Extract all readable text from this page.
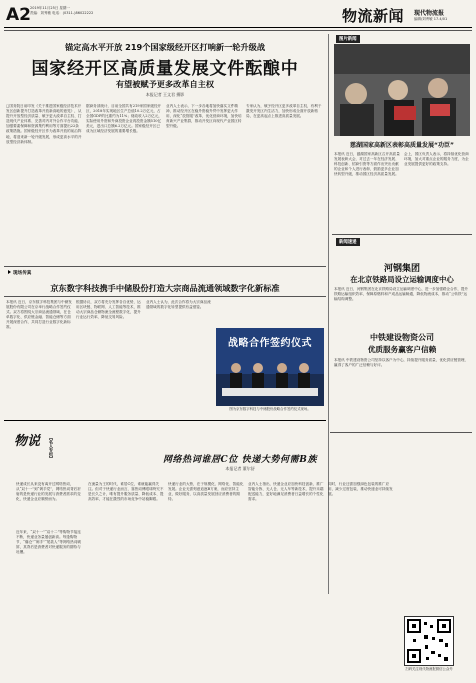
A2 2019年11月25日 星期一
责编：刘秀敏 电话：(0311-)86022222	物流新闻 现代物流报
编辑/刘秀敏 17.4/01
锚定高水平开放 219个国家级经开区打响新一轮升级战
国家经开区高质量发展文件酝酿中
有望被赋予更多改革自主权
本报记者 王文君 摄影

□国务院日前印发《关于推进国家级经济技术开发区创新提升打造改革开放新高地的意见》，从提升开放型经济质量、赋予更大改革自主权、打造现代产业体系、完善对内对外合作平台功能、加强要素保障和资源集约利用等方面提出22条政策措施。国家级经开区作为改革开放的前沿阵地，将迎来新一轮升级发展，形成更高水平的开放型经济新体制。

据商务部统计，目前全国共有219家国家级经开区，2018年实现地区生产总值10.2万亿元，占全国GDP的比重约为11%；财政收入2万亿元，实际使用外资和外商投资企业再投资金额510亿美元，进出口总额6.2万亿元。国家级经开区已成为区域经济发展的重要增长极。

业内人士表示，下一步各地将加快落实文件精神，推动经开区在稳外资稳外贸中发挥更大作用，深化“放管服”改革，优化营商环境，加快培育新兴产业集群，推动开发区向现代产业园区转型升级。

专家认为，赋予经开区更多改革自主权，有利于激发开发区内生活力，加快形成全面开放新格局，在更高起点上推进高质量发展。

图片新闻
慈湖国家高新区表彰高质量发展“功臣”

本报讯 近日，慈湖国家高新区召开高质量发展表彰大会，对过去一年在经济发展、科技创新、招商引资等方面作出突出贡献的企业和个人进行表彰，鼓励更多企业加快转型升级，推动园区经济高质量发展。

会上，园区负责人表示，将持续优化营商环境，加大对重点企业的服务力度，为企业发展提供更好的政策支持。

新闻速递
河钢集团
在北京铁路局设立运输调度中心

本报讯 近日，河钢集团在北京铁路局设立运输调度中心，进一步加强路企合作，提升铁路运输组织效率，保障原燃料和产成品运输畅通，降低物流成本，推动“公转铁”运输结构调整。

中铁建设物资公司
优质服务赢客户信赖

本报讯 中铁建设物资公司坚持以客户为中心，持续提升服务质量，优化供应链管理，赢得了客户的广泛信赖与好评。

现场传真
京东数字科技携手中储股份打造大宗商品流通领域数字化新标准

本报讯 近日，京东数字科技集团与中储发展股份有限公司在京举行战略合作签约仪式。双方将围绕大宗商品流通领域，在仓单数字化、供应链金融、智能仓储等方面开展深度合作，共同打造行业数字化新标准。

根据协议，双方将充分发挥各自优势，运用区块链、物联网、人工智能等技术，推动大宗商品仓储物流全流程数字化，提升行业运行效率，降低交易风险。

业内人士认为，此次合作将为大宗商品流通领域的数字化转型提供有益借鉴。

战略合作签约仪式
图为京东数字科技与中储股份战略合作签约仪式现场。
物说	【名人专栏】	网络热词谁居C位 快递大势何需B族
本报记者 董尔舒

快递成长从来没有离开过网络热词，从“双十一”到“剁手党”，网络热词背后折射的是快递行业的发展与消费者需求的变化，快递企业应顺势而为。

近年来，“双十一”“双十二”等购物节接连不断，快递业务量屡创新高。每逢购物节，“爆仓”“剁手”“尾款人”等网络热词刷屏，其背后是消费者对快递服务的期待与吐槽。

在流量为王的时代，谁居C位，谁就能赢得关注。但对于快递行业而言，靠热词博眼球终究不是长久之计，唯有提升服务质量、降低成本、提高效率，才能在激烈的市场竞争中站稳脚跟。

快递行业的大势，在于规模化、网络化、智能化发展。企业无需刻意追逐B方案，而应坚持主业，做好服务，以高质量发展回应消费者的期待。

业内人士指出，快递企业应加快科技创新，推广智能分拣、无人仓、无人车等新技术，提升末端配送能力，更好地满足消费者日益增长的个性化需求。

同时，行业还需加强绿色包装的推广应用，减少过度包装，推动快递业可持续发展。

扫码关注现代物流报微信公众号
